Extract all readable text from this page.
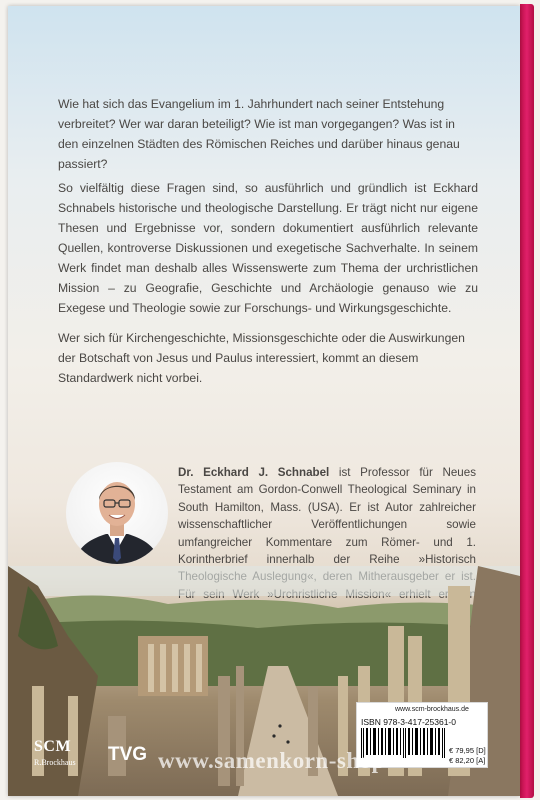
Wie hat sich das Evangelium im 1. Jahrhundert nach seiner Entstehung verbreitet? Wer war daran beteiligt? Wie ist man vorgegangen? Was ist in den einzelnen Städten des Römischen Reiches und darüber hinaus genau passiert?
So vielfältig diese Fragen sind, so ausführlich und gründlich ist Eckhard Schnabels historische und theologische Darstellung. Er trägt nicht nur eigene Thesen und Ergebnisse vor, sondern dokumentiert ausführlich relevante Quellen, kontroverse Diskussionen und exegetische Sachverhalte. In seinem Werk findet man deshalb alles Wissenswerte zum Thema der urchristlichen Mission – zu Geografie, Geschichte und Archäologie genauso wie zu Exegese und Theologie sowie zur Forschungs- und Wirkungsgeschichte.
Wer sich für Kirchengeschichte, Missionsgeschichte oder die Auswirkungen der Botschaft von Jesus und Paulus interessiert, kommt an diesem Standardwerk nicht vorbei.
Dr. Eckhard J. Schnabel ist Professor für Neues Testament am Gordon-Conwell Theological Seminary in South Hamilton, Mass. (USA). Er ist Autor zahlreicher wissenschaftlicher Veröffentlichungen sowie umfangreicher Kommentare zum Römer- und 1. Korintherbrief innerhalb der Reihe »Historisch
SCM
R.Brockhaus TVG
www.scm-brockhaus.de
ISBN 978-3-417-25361-0
€ 79,95 [D]
€ 82,20 [A]
www.samenkorn-shop
